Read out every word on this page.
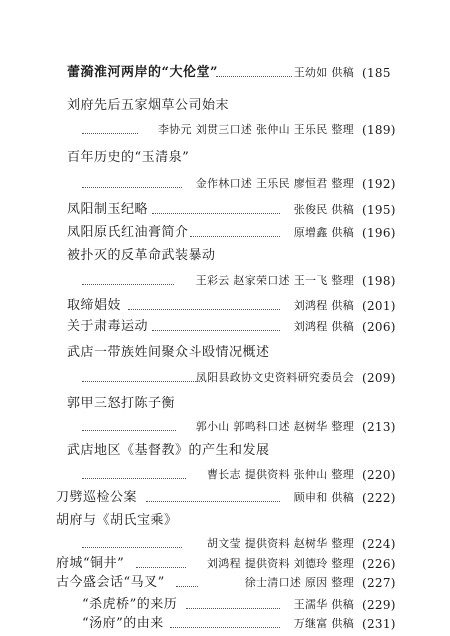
蕾漪淮河两岸的“大伦堂”	王幼如 供稿 (185
刘府先后五家烟草公司始末
李协元 刘贯三口述 张仲山 王乐民 整理 (189)
百年历史的“玉清泉”
金作林口述 王乐民 廖恒君 整理 (192)
凤阳制玉纪略	张俊民 供稿 (195)
凤阳原氏红油膏简介	原增鑫 供稿 (196)
被扑灭的反革命武装暴动
王彩云 赵家荣口述 王一飞 整理 (198)
取缔娼妓	刘鸿程 供稿 (201)
关于肃毒运动	刘鸿程 供稿 (206)
武店一带族姓间聚众斗殴情况概述
凤阳县政协文史资料研究委员会 (209)
郭甲三怒打陈子衡
郭小山 郭鸣科口述 赵树华 整理 (213)
武店地区《基督教》的产生和发展
曹长志 提供资料 张仲山 整理 (220)
刀劈巡检公案	顾申和 供稿 (222)
胡府与《胡氏宝乘》
胡文莹 提供资料 赵树华 整理 (224)
府城“铜井”	刘鸿程 提供资料 刘德玲 整理 (226)
古今盛会话“马叉”	徐士清口述 原因 整理 (227)
“杀虎桥”的来历	王濡华 供稿 (229)
“汤府”的由来	万继富 供稿 (231)
